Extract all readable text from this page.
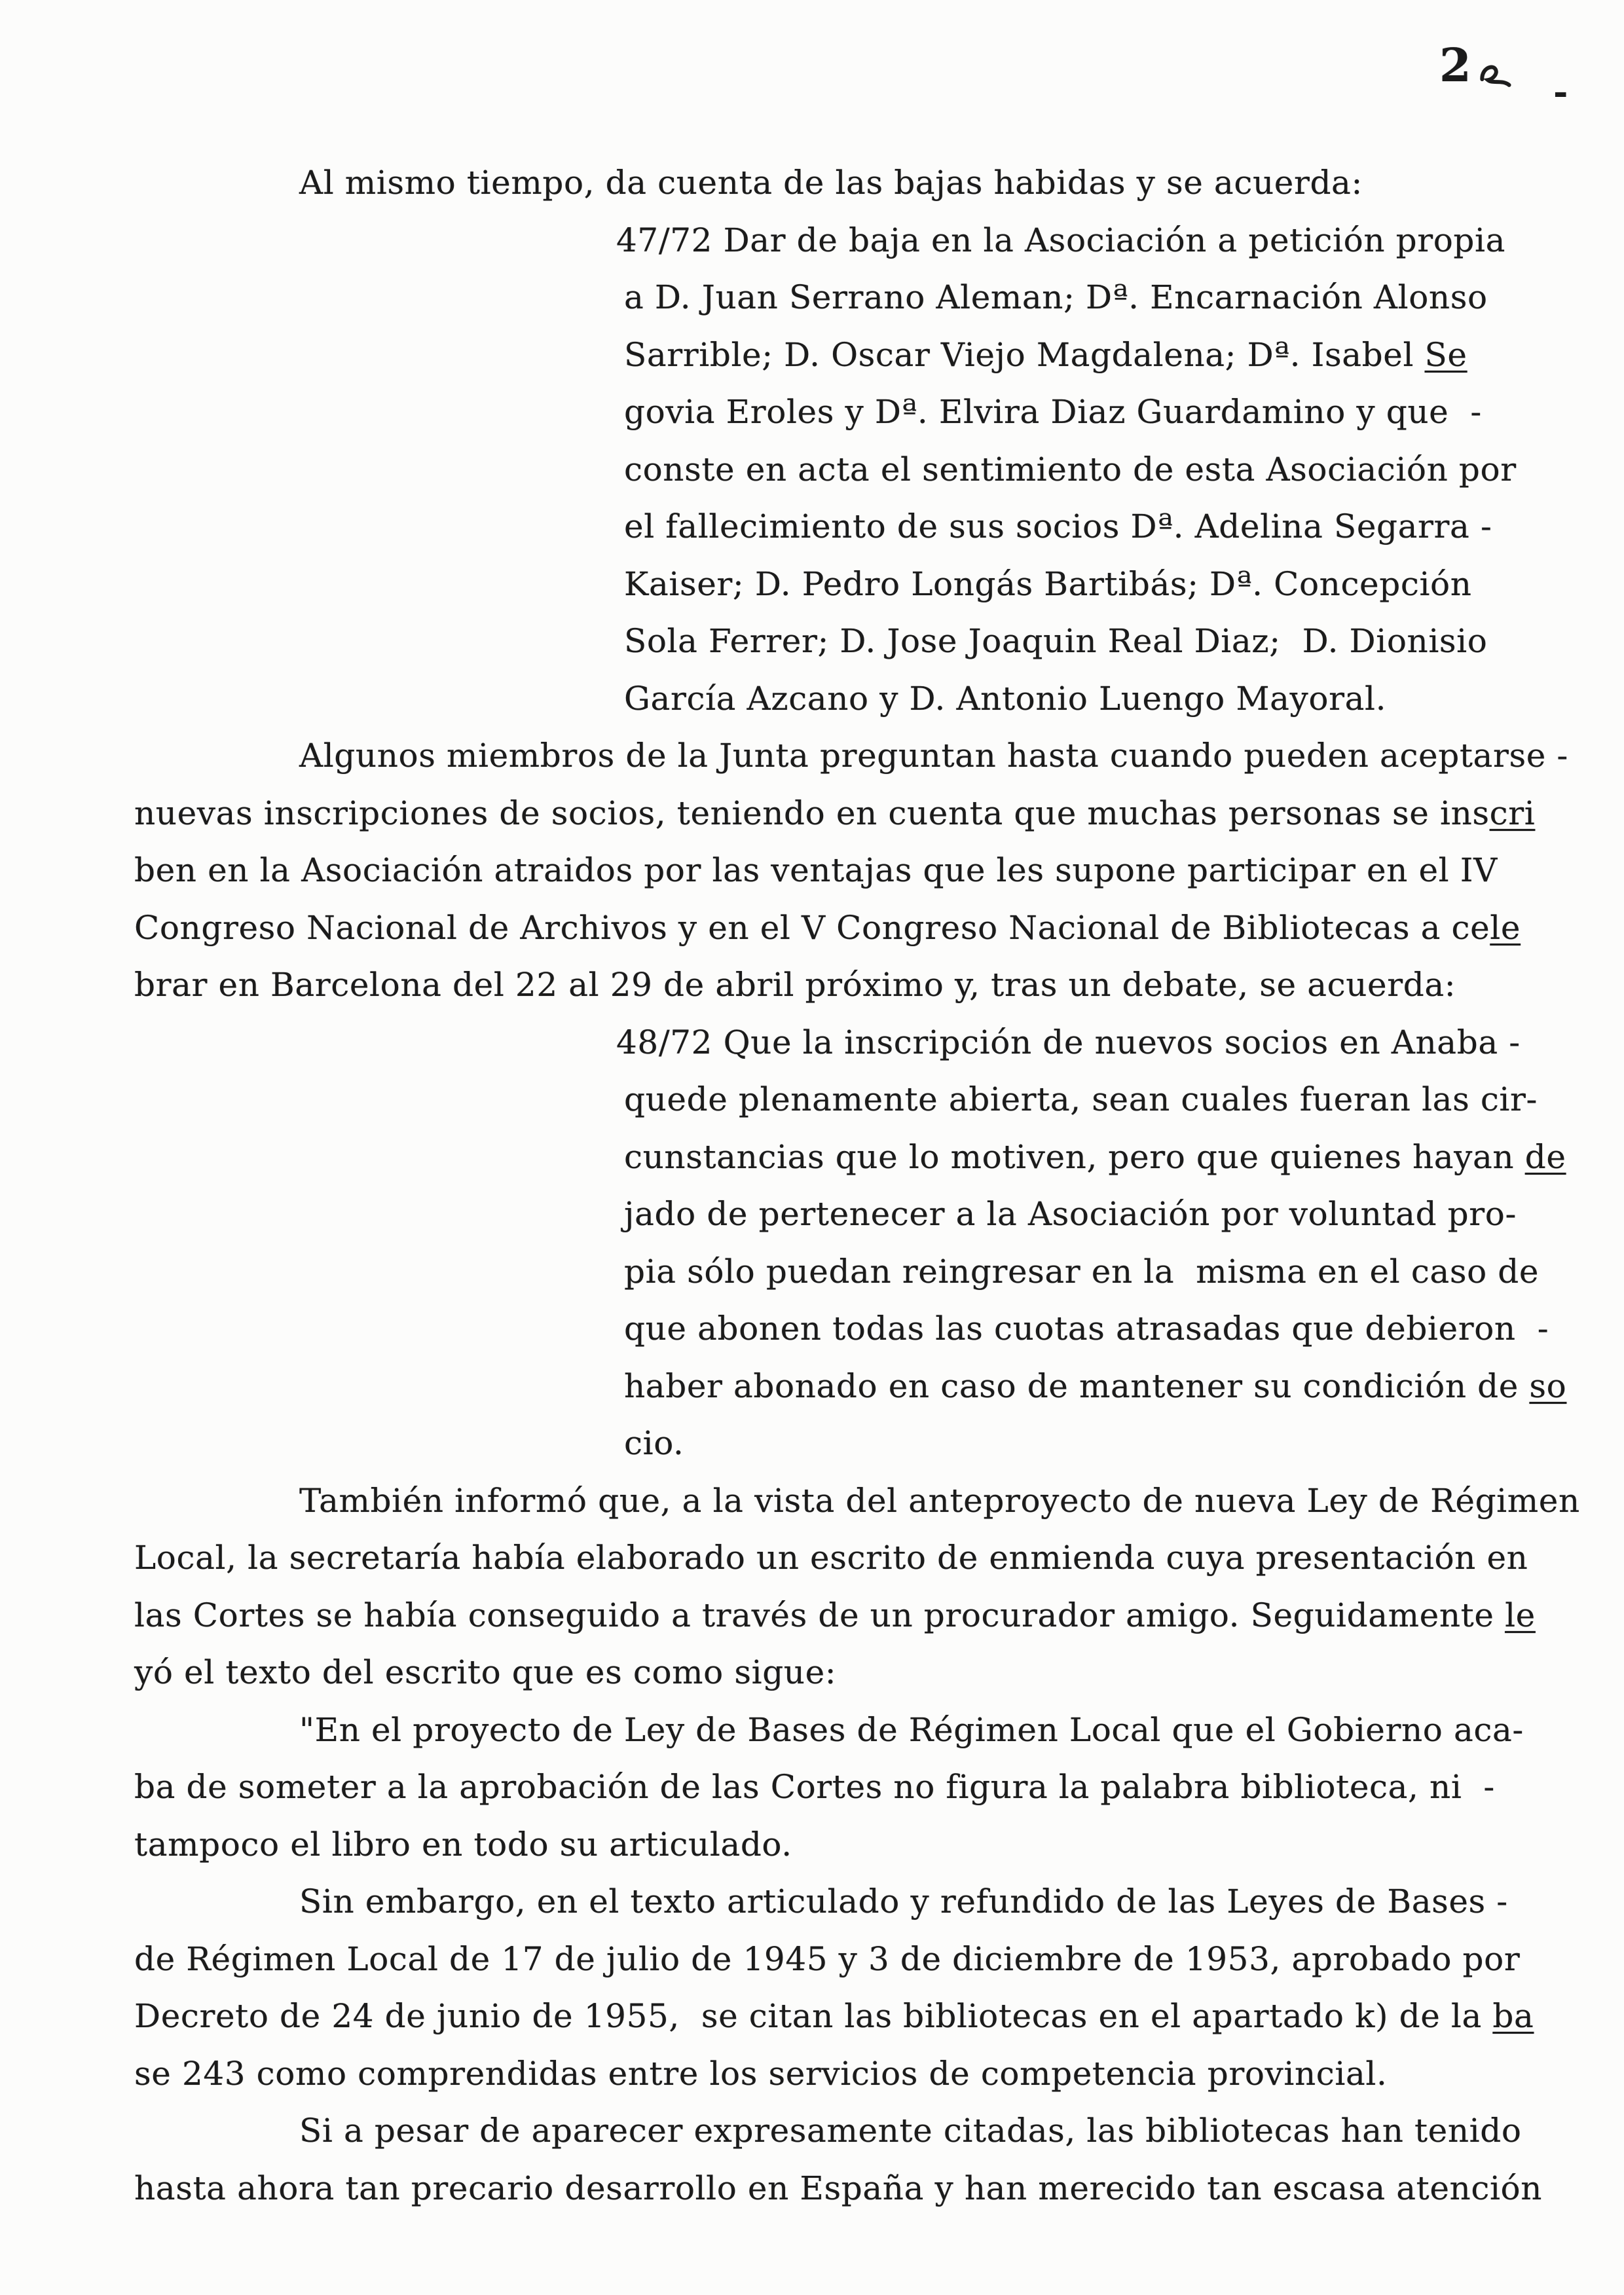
2 -
Al mismo tiempo, da cuenta de las bajas habidas y se acuerda:
47/72 Dar de baja en la Asociación a petición propia
a D. Juan Serrano Aleman; Dª. Encarnación Alonso
Sarrible; D. Oscar Viejo Magdalena; Dª. Isabel Se
govia Eroles y Dª. Elvira Diaz Guardamino y que  -
conste en acta el sentimiento de esta Asociación por
el fallecimiento de sus socios Dª. Adelina Segarra -
Kaiser; D. Pedro Longás Bartibás; Dª. Concepción
Sola Ferrer; D. Jose Joaquin Real Diaz;  D. Dionisio
García Azcano y D. Antonio Luengo Mayoral.
Algunos miembros de la Junta preguntan hasta cuando pueden aceptarse -
nuevas inscripciones de socios, teniendo en cuenta que muchas personas se inscri
ben en la Asociación atraidos por las ventajas que les supone participar en el IV
Congreso Nacional de Archivos y en el V Congreso Nacional de Bibliotecas a cele
brar en Barcelona del 22 al 29 de abril próximo y, tras un debate, se acuerda:
48/72 Que la inscripción de nuevos socios en Anaba -
quede plenamente abierta, sean cuales fueran las cir-
cunstancias que lo motiven, pero que quienes hayan de
jado de pertenecer a la Asociación por voluntad pro-
pia sólo puedan reingresar en la  misma en el caso de
que abonen todas las cuotas atrasadas que debieron  -
haber abonado en caso de mantener su condición de so
cio.
También informó que, a la vista del anteproyecto de nueva Ley de Régimen
Local, la secretaría había elaborado un escrito de enmienda cuya presentación en
las Cortes se había conseguido a través de un procurador amigo. Seguidamente le
yó el texto del escrito que es como sigue:
"En el proyecto de Ley de Bases de Régimen Local que el Gobierno aca-
ba de someter a la aprobación de las Cortes no figura la palabra biblioteca, ni  -
tampoco el libro en todo su articulado.
Sin embargo, en el texto articulado y refundido de las Leyes de Bases -
de Régimen Local de 17 de julio de 1945 y 3 de diciembre de 1953, aprobado por
Decreto de 24 de junio de 1955,  se citan las bibliotecas en el apartado k) de la ba
se 243 como comprendidas entre los servicios de competencia provincial.
Si a pesar de aparecer expresamente citadas, las bibliotecas han tenido
hasta ahora tan precario desarrollo en España y han merecido tan escasa atención
